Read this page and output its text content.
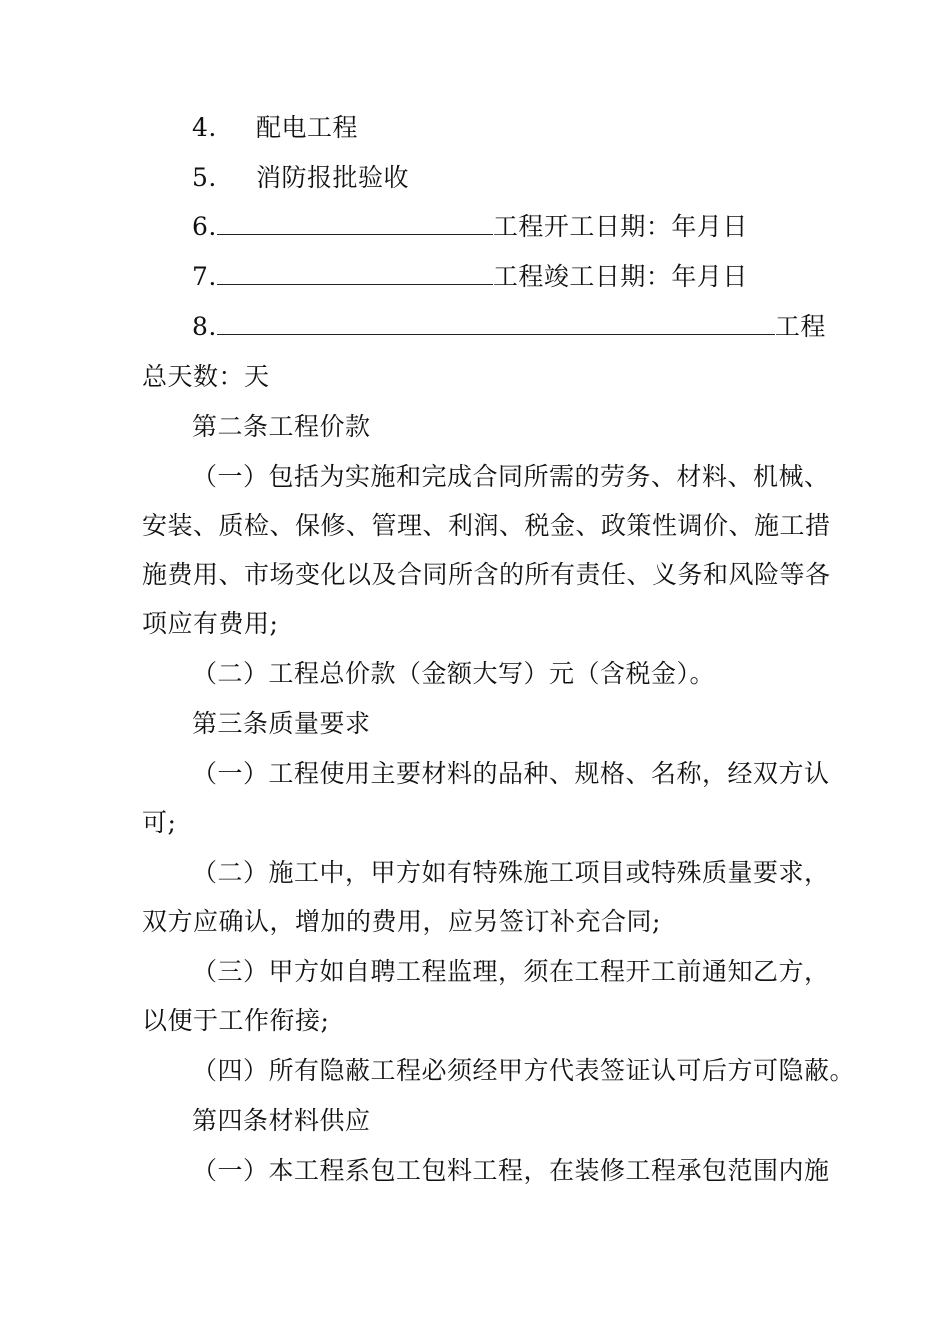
4. 配电工程
5. 消防报批验收
6.	工程开工日期：年月日
7.	工程竣工日期：年月日
8.	工程
总天数：天
第二条工程价款
（一）包括为实施和完成合同所需的劳务、材料、机械、
安装、质检、保修、管理、利润、税金、政策性调价、施工措
施费用、市场变化以及合同所含的所有责任、义务和风险等各
项应有费用;
（二）工程总价款（金额大写）元（含税金）。
第三条质量要求
（一）工程使用主要材料的品种、规格、名称，经双方认
可;
（二）施工中，甲方如有特殊施工项目或特殊质量要求，
双方应确认，增加的费用，应另签订补充合同;
（三）甲方如自聘工程监理，须在工程开工前通知乙方，
以便于工作衔接;
（四）所有隐蔽工程必须经甲方代表签证认可后方可隐蔽。
第四条材料供应
（一）本工程系包工包料工程，在装修工程承包范围内施
